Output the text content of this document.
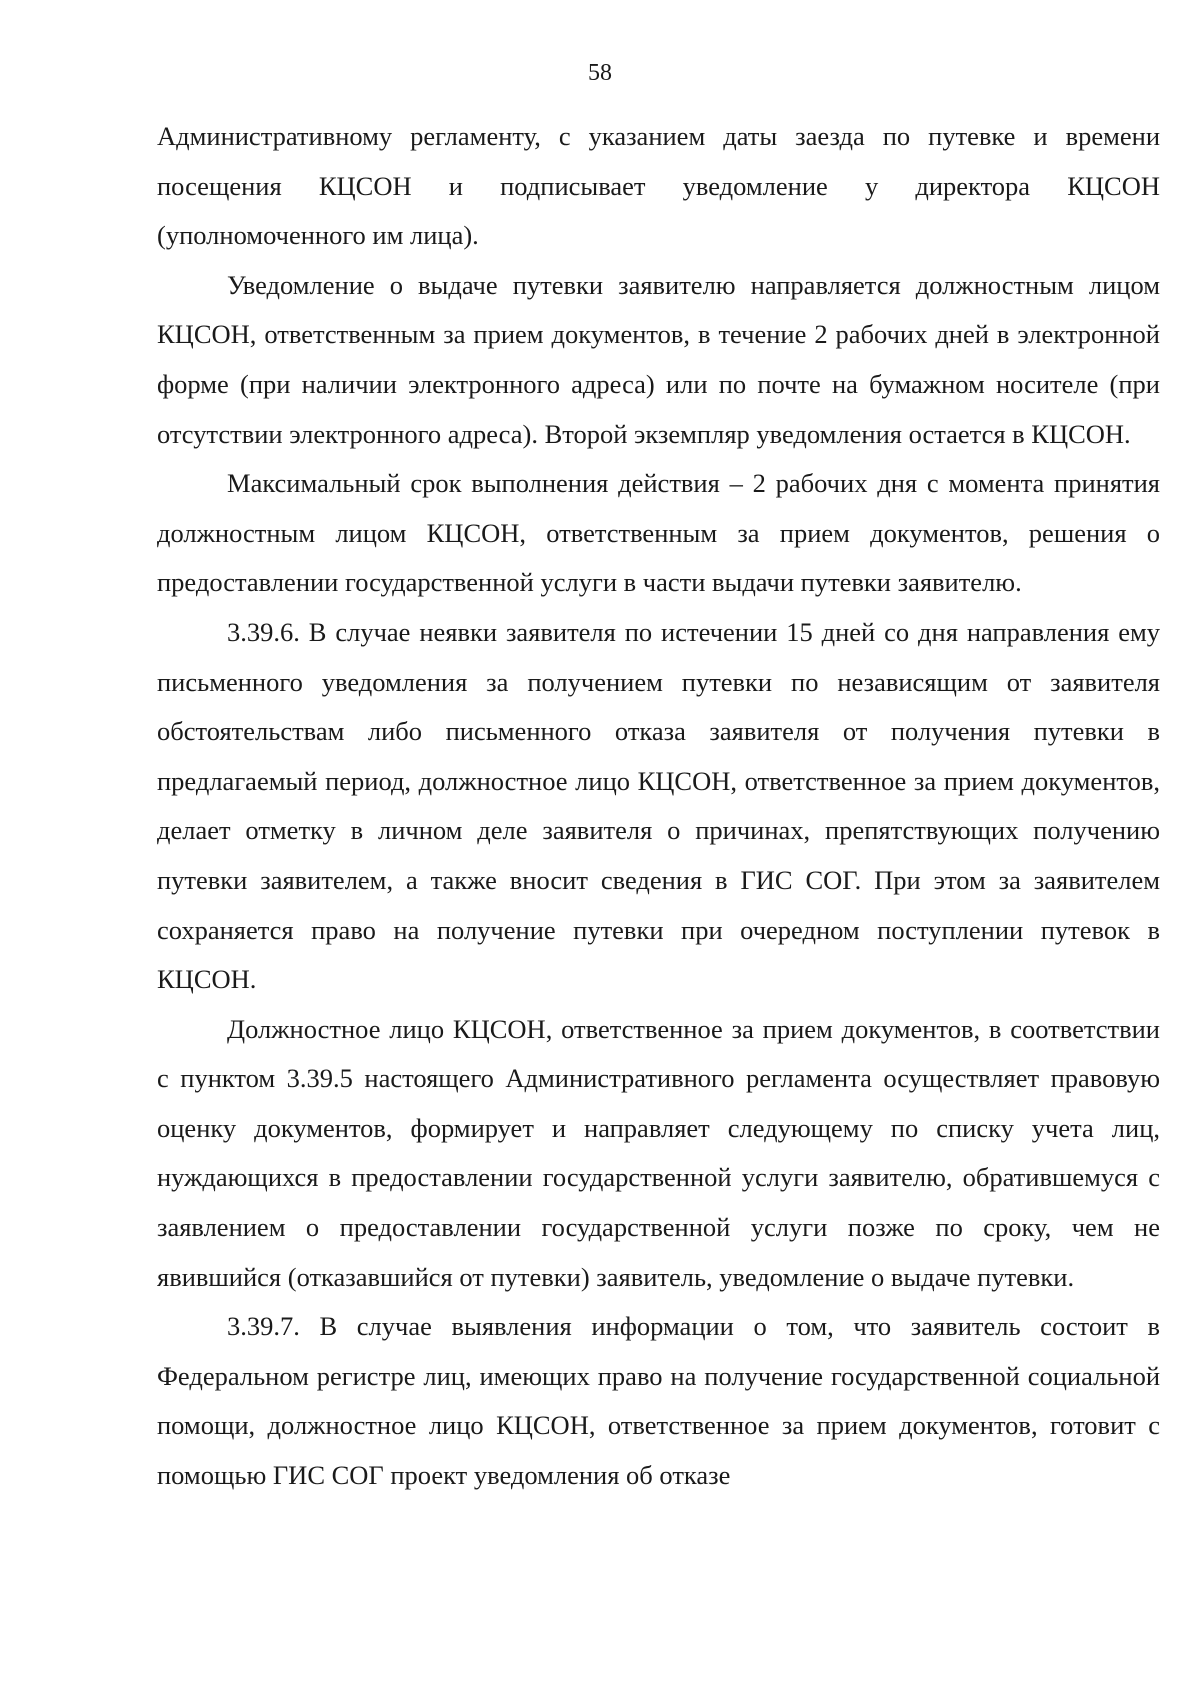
58

Административному регламенту, с указанием даты заезда по путевке и времени посещения КЦСОН и подписывает уведомление у директора КЦСОН (уполномоченного им лица).

Уведомление о выдаче путевки заявителю направляется должностным лицом КЦСОН, ответственным за прием документов, в течение 2 рабочих дней в электронной форме (при наличии электронного адреса) или по почте на бумажном носителе (при отсутствии электронного адреса). Второй экземпляр уведомления остается в КЦСОН.

Максимальный срок выполнения действия – 2 рабочих дня с момента принятия должностным лицом КЦСОН, ответственным за прием документов, решения о предоставлении государственной услуги в части выдачи путевки заявителю.

3.39.6. В случае неявки заявителя по истечении 15 дней со дня направления ему письменного уведомления за получением путевки по независящим от заявителя обстоятельствам либо письменного отказа заявителя от получения путевки в предлагаемый период, должностное лицо КЦСОН, ответственное за прием документов, делает отметку в личном деле заявителя о причинах, препятствующих получению путевки заявителем, а также вносит сведения в ГИС СОГ. При этом за заявителем сохраняется право на получение путевки при очередном поступлении путевок в КЦСОН.

Должностное лицо КЦСОН, ответственное за прием документов, в соответствии с пунктом 3.39.5 настоящего Административного регламента осуществляет правовую оценку документов, формирует и направляет следующему по списку учета лиц, нуждающихся в предоставлении государственной услуги заявителю, обратившемуся с заявлением о предоставлении государственной услуги позже по сроку, чем не явившийся (отказавшийся от путевки) заявитель, уведомление о выдаче путевки.

3.39.7. В случае выявления информации о том, что заявитель состоит в Федеральном регистре лиц, имеющих право на получение государственной социальной помощи, должностное лицо КЦСОН, ответственное за прием документов, готовит с помощью ГИС СОГ проект уведомления об отказе
